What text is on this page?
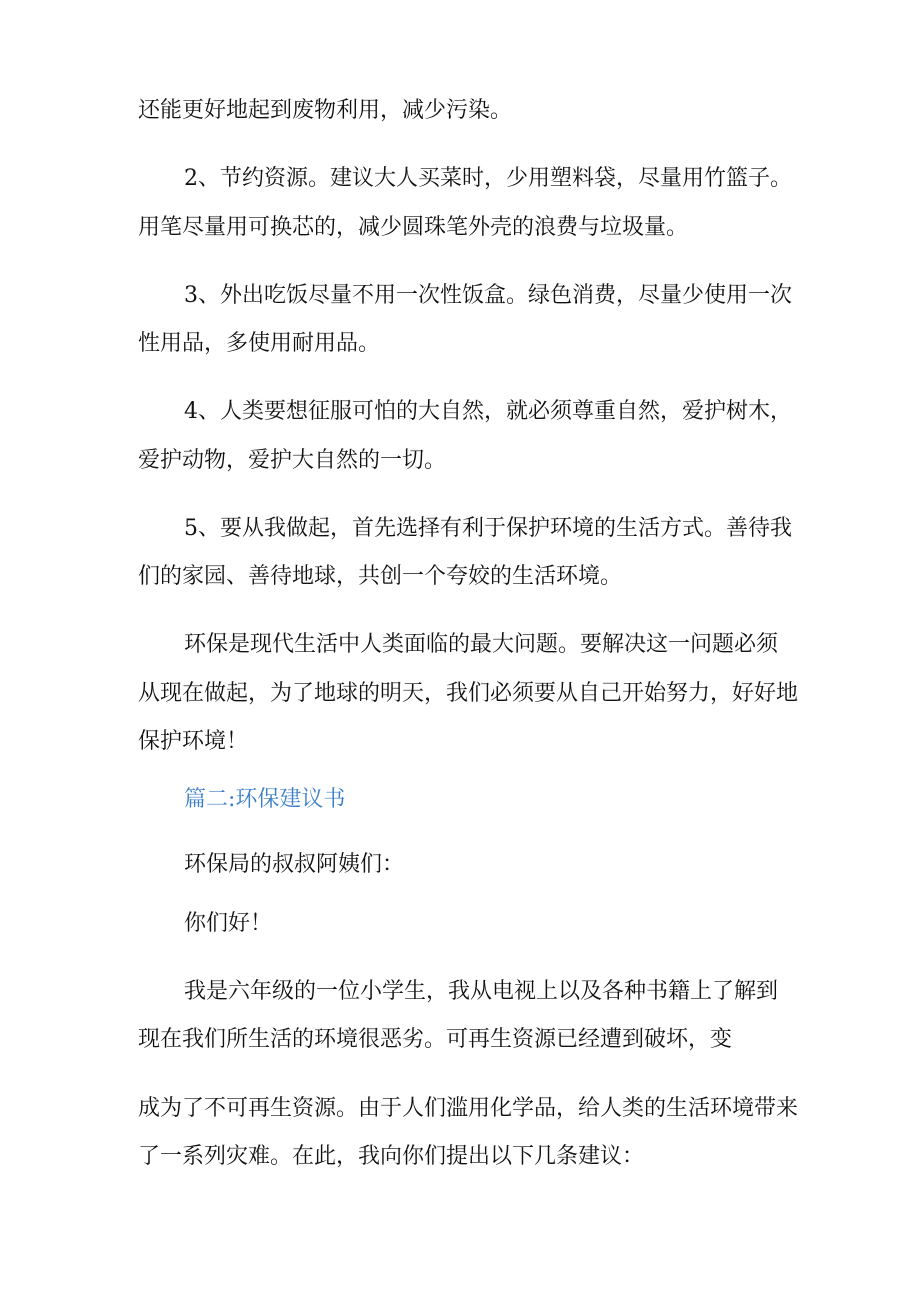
还能更好地起到废物利用，减少污染。

2、节约资源。建议大人买菜时，少用塑料袋，尽量用竹篮子。

用笔尽量用可换芯的，减少圆珠笔外壳的浪费与垃圾量。

3、外出吃饭尽量不用一次性饭盒。绿色消费，尽量少使用一次

性用品，多使用耐用品。

4、人类要想征服可怕的大自然，就必须尊重自然，爱护树木，

爱护动物，爱护大自然的一切。

5、要从我做起，首先选择有利于保护环境的生活方式。善待我

们的家园、善待地球，共创一个夸姣的生活环境。

环保是现代生活中人类面临的最大问题。要解决这一问题必须

从现在做起，为了地球的明天，我们必须要从自己开始努力，好好地

保护环境！

篇二:环保建议书

环保局的叔叔阿姨们：

你们好！

我是六年级的一位小学生，我从电视上以及各种书籍上了解到

现在我们所生活的环境很恶劣。可再生资源已经遭到破坏，变

成为了不可再生资源。由于人们滥用化学品，给人类的生活环境带来

了一系列灾难。在此，我向你们提出以下几条建议：
